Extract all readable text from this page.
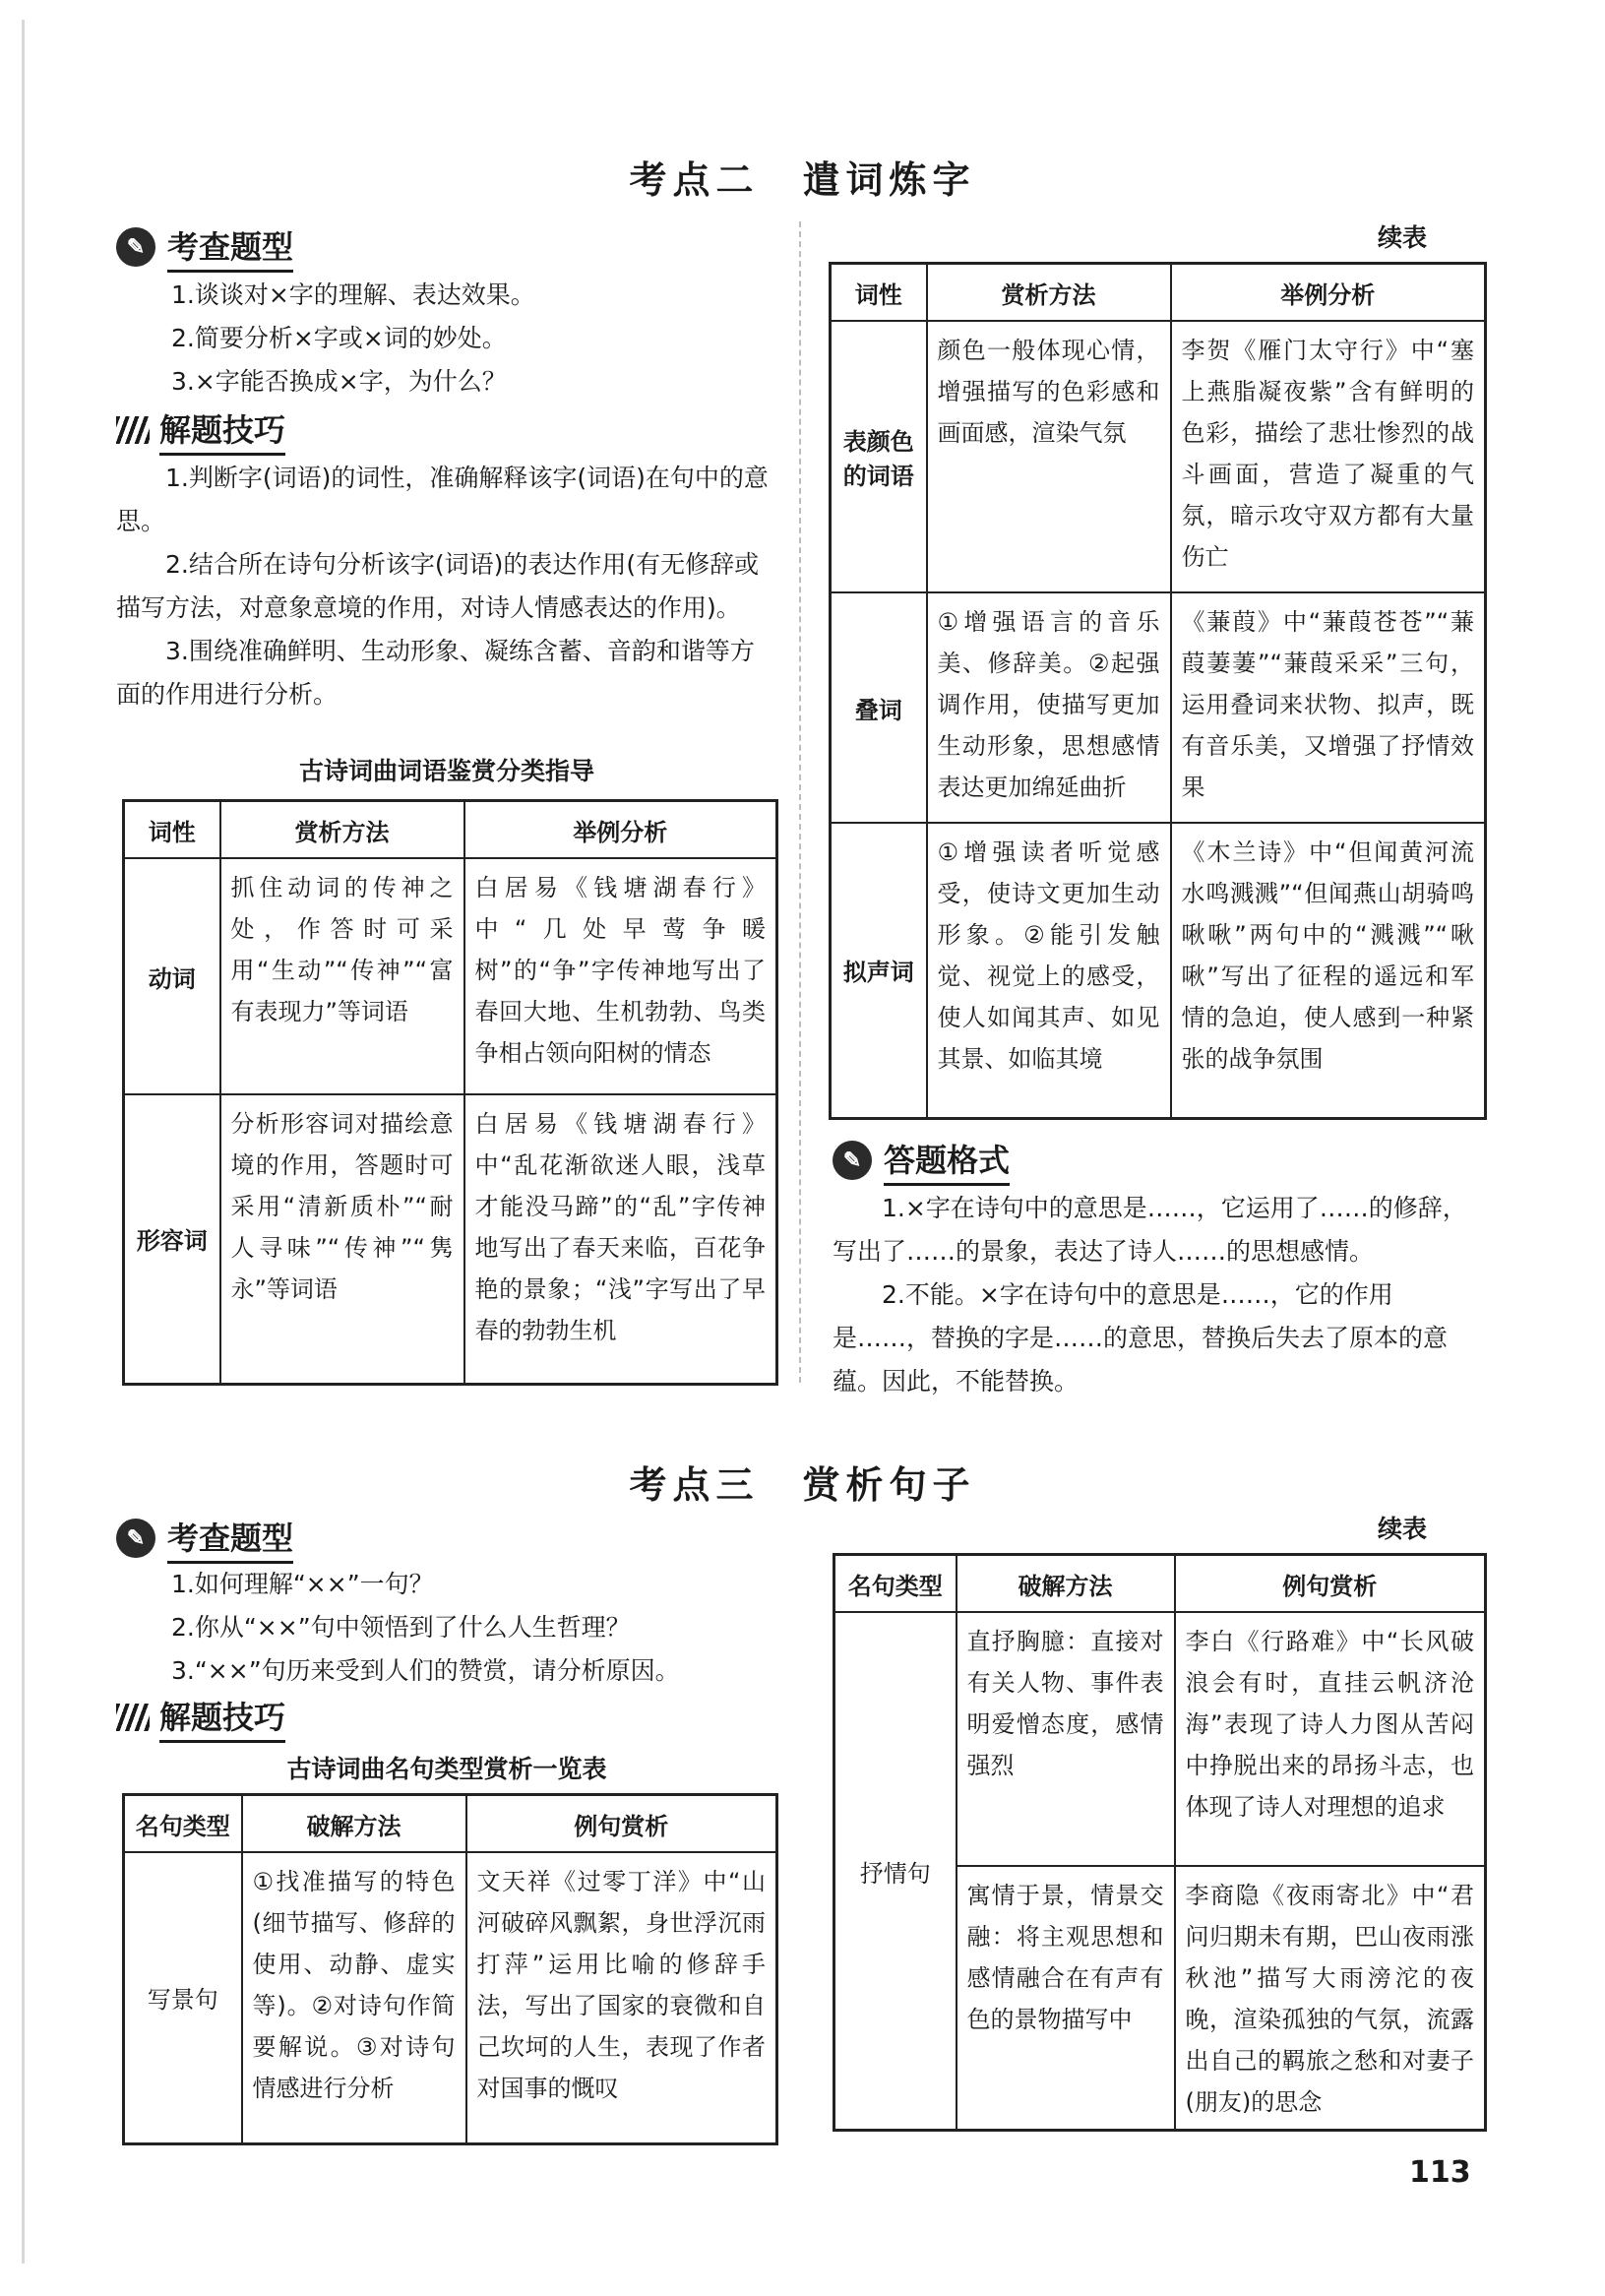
考点二 遣词炼字
✎ 考查题型
1.谈谈对×字的理解、表达效果。
2.简要分析×字或×词的妙处。
3.×字能否换成×字，为什么？
解题技巧
1.判断字(词语)的词性，准确解释该字(词语)在句中的意思。
2.结合所在诗句分析该字(词语)的表达作用(有无修辞或描写方法，对意象意境的作用，对诗人情感表达的作用)。
3.围绕准确鲜明、生动形象、凝练含蓄、音韵和谐等方面的作用进行分析。
古诗词曲词语鉴赏分类指导
词性	赏析方法	举例分析
动词	抓住动词的传神之处，作答时可采用“生动”“传神”“富有表现力”等词语	白居易《钱塘湖春行》中“几处早莺争暖树”的“争”字传神地写出了春回大地、生机勃勃、鸟类争相占领向阳树的情态
形容词	分析形容词对描绘意境的作用，答题时可采用“清新质朴”“耐人寻味”“传神”“隽永”等词语	白居易《钱塘湖春行》中“乱花渐欲迷人眼，浅草才能没马蹄”的“乱”字传神地写出了春天来临，百花争艳的景象；“浅”字写出了早春的勃勃生机
续表
词性	赏析方法	举例分析
表颜色的词语	颜色一般体现心情，增强描写的色彩感和画面感，渲染气氛	李贺《雁门太守行》中“塞上燕脂凝夜紫”含有鲜明的色彩，描绘了悲壮惨烈的战斗画面，营造了凝重的气氛，暗示攻守双方都有大量伤亡
叠词	①增强语言的音乐美、修辞美。②起强调作用，使描写更加生动形象，思想感情表达更加绵延曲折	《蒹葭》中“蒹葭苍苍”“蒹葭萋萋”“蒹葭采采”三句，运用叠词来状物、拟声，既有音乐美，又增强了抒情效果
拟声词	①增强读者听觉感受，使诗文更加生动形象。②能引发触觉、视觉上的感受，使人如闻其声、如见其景、如临其境	《木兰诗》中“但闻黄河流水鸣溅溅”“但闻燕山胡骑鸣啾啾”两句中的“溅溅”“啾啾”写出了征程的遥远和军情的急迫，使人感到一种紧张的战争氛围
✎ 答题格式
1.×字在诗句中的意思是……，它运用了……的修辞，写出了……的景象，表达了诗人……的思想感情。
2.不能。×字在诗句中的意思是……，它的作用是……，替换的字是……的意思，替换后失去了原本的意蕴。因此，不能替换。
考点三 赏析句子
✎ 考查题型
1.如何理解“××”一句？
2.你从“××”句中领悟到了什么人生哲理？
3.“××”句历来受到人们的赞赏，请分析原因。
解题技巧
古诗词曲名句类型赏析一览表
名句类型	破解方法	例句赏析
写景句	①找准描写的特色(细节描写、修辞的使用、动静、虚实等)。②对诗句作简要解说。③对诗句情感进行分析	文天祥《过零丁洋》中“山河破碎风飘絮，身世浮沉雨打萍”运用比喻的修辞手法，写出了国家的衰微和自己坎坷的人生，表现了作者对国事的慨叹
续表
名句类型	破解方法	例句赏析
抒情句	直抒胸臆：直接对有关人物、事件表明爱憎态度，感情强烈	李白《行路难》中“长风破浪会有时，直挂云帆济沧海”表现了诗人力图从苦闷中挣脱出来的昂扬斗志，也体现了诗人对理想的追求
	寓情于景，情景交融：将主观思想和感情融合在有声有色的景物描写中	李商隐《夜雨寄北》中“君问归期未有期，巴山夜雨涨秋池”描写大雨滂沱的夜晚，渲染孤独的气氛，流露出自己的羁旅之愁和对妻子(朋友)的思念
113
